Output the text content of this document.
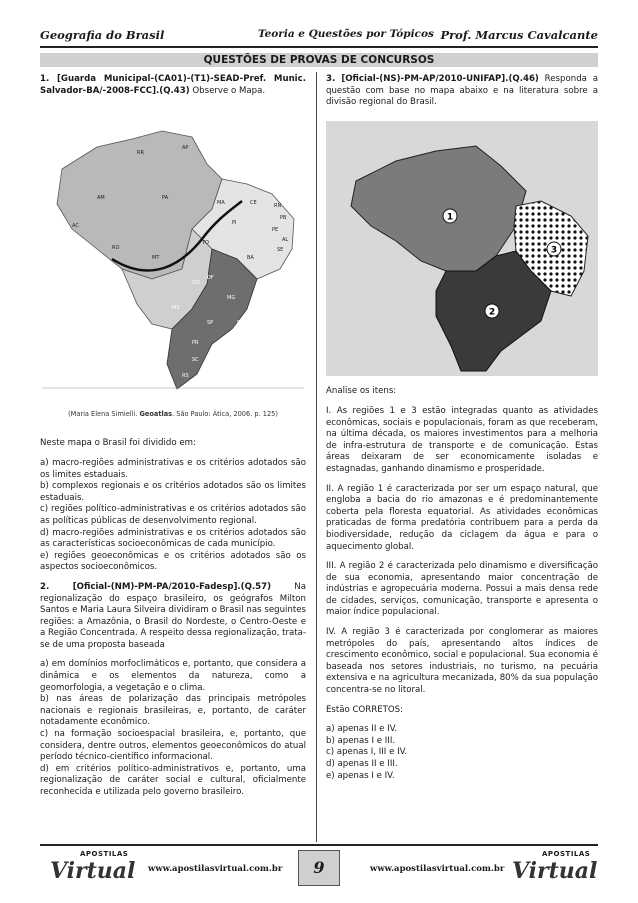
Geografia do Brasil	Teoria e Questões por Tópicos Prof. Marcus Cavalcante
QUESTÕES DE PROVAS DE CONCURSOS

1. [Guarda Municipal-(CA01)-(T1)-SEAD-Pref. Munic. Salvador-BA/-2008-FCC].(Q.43) Observe o Mapa.

RR
AP
AM	PA
MA	CE	RN
PB
PE
AL
SE
BA
PI
TO
MT
RO
AC
GO
DF
MG
ES
RJ
SP
MS
PR
SC
RS

(Maria Elena Simielli. Geoatlas. São Paulo: Ática, 2006. p. 125)

Neste mapa o Brasil foi dividido em:

a) macro-regiões administrativas e os critérios adotados são os limites estaduais.

b) complexos regionais e os critérios adotados são os limites estaduais.

c) regiões político-administrativas e os critérios adotados são as políticas públicas de desenvolvimento regional.

d) macro-regiões administrativas e os critérios adotados são as características socioeconômicas de cada município.

e) regiões geoeconômicas e os critérios adotados são os aspectos socioeconômicos.

2. [Oficial-(NM)-PM-PA/2010-Fadesp].(Q.57) Na regionalização do espaço brasileiro, os geógrafos Milton Santos e Maria Laura Silveira dividiram o Brasil nas seguintes regiões: a Amazônia, o Brasil do Nordeste, o Centro-Oeste e a Região Concentrada. A respeito dessa regionalização, trata-se de uma proposta baseada

a) em domínios morfoclimáticos e, portanto, que considera a dinâmica e os elementos da natureza, como a geomorfologia, a vegetação e o clima.

b) nas áreas de polarização das principais metrópoles nacionais e regionais brasileiras, e, portanto, de caráter notadamente econômico.

c) na formação socioespacial brasileira, e, portanto, que considera, dentre outros, elementos geoeconômicos do atual período técnico-científico informacional.

d) em critérios político-administrativos e, portanto, uma regionalização de caráter social e cultural, oficialmente reconhecida e utilizada pelo governo brasileiro.

3. [Oficial-(NS)-PM-AP/2010-UNIFAP].(Q.46) Responda a questão com base no mapa abaixo e na literatura sobre a divisão regional do Brasil.

1
2
3

Analise os itens:

I. As regiões 1 e 3 estão integradas quanto as atividades econômicas, sociais e populacionais, foram as que receberam, na última década, os maiores investimentos para a melhoria de infra-estrutura de transporte e de comunicação. Estas áreas deixaram de ser economicamente isoladas e estagnadas, ganhando dinamismo e prosperidade.

II. A região 1 é caracterizada por ser um espaço natural, que engloba a bacia do rio amazonas e é predominantemente coberta pela floresta equatorial. As atividades econômicas praticadas de forma predatória contribuem para a perda da biodiversidade, redução da ciclagem da água e para o aquecimento global.

III. A região 2 é caracterizada pelo dinamismo e diversificação de sua economia, apresentando maior concentração de indústrias e agropecuária moderna. Possui a mais densa rede de cidades, serviços, comunicação, transporte e apresenta o maior índice populacional.

IV. A região 3 é caracterizada por conglomerar as maiores metrópoles do país, apresentando altos índices de crescimento econômico, social e populacional. Sua economia é baseada nos setores industriais, no turismo, na pecuária extensiva e na agricultura mecanizada, 80% da sua população concentra-se no litoral.

Estão CORRETOS:

a) apenas II e IV.

b) apenas I e III.

c) apenas I, III e IV.

d) apenas II e III.

e) apenas I e IV.

APOSTILAS
Virtual www.apostilasvirtual.com.br	9	www.apostilasvirtual.com.br
APOSTILAS
Virtual
